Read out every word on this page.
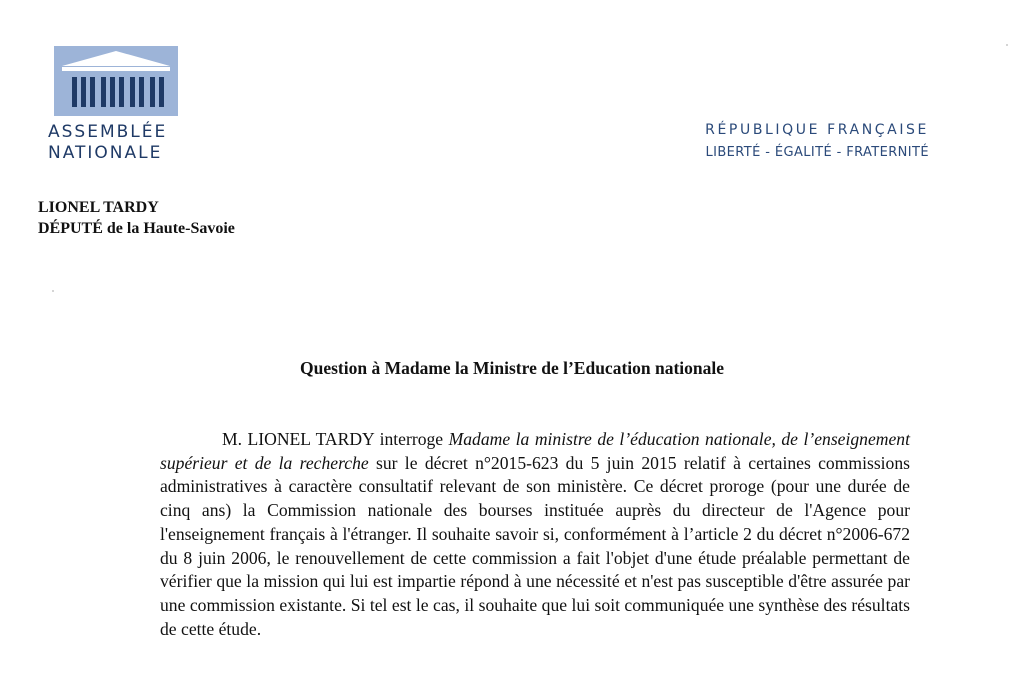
ASSEMBLÉE
NATIONALE
RÉPUBLIQUE FRANÇAISE
LIBERTÉ - ÉGALITÉ - FRATERNITÉ
LIONEL TARDY
DÉPUTÉ de la Haute-Savoie
Question à Madame la Ministre de l’Education nationale

M. LIONEL TARDY interroge Madame la ministre de l’éducation nationale, de l’enseignement supérieur et de la recherche sur le décret n°2015-623 du 5 juin 2015 relatif à certaines commissions administratives à caractère consultatif relevant de son ministère. Ce décret proroge (pour une durée de cinq ans) la Commission nationale des bourses instituée auprès du directeur de l'Agence pour l'enseignement français à l'étranger. Il souhaite savoir si, conformément à l’article 2 du décret n°2006-672 du 8 juin 2006, le renouvellement de cette commission a fait l'objet d'une étude préalable permettant de vérifier que la mission qui lui est impartie répond à une nécessité et n'est pas susceptible d'être assurée par une commission existante. Si tel est le cas, il souhaite que lui soit communiquée une synthèse des résultats de cette étude.
